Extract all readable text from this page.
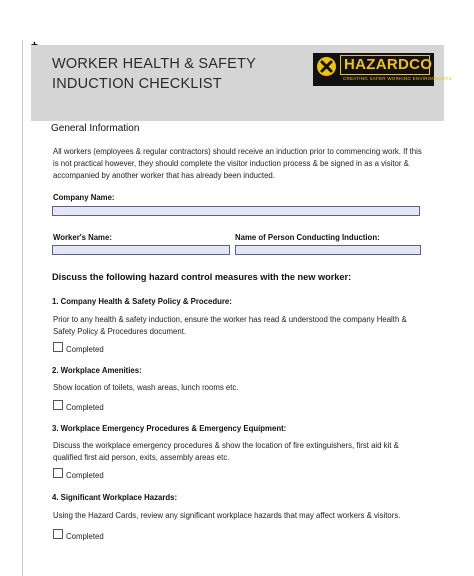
WORKER HEALTH & SAFETY
INDUCTION CHECKLIST
HAZARDCO
CREATING SAFER WORKING ENVIRONMENTS
General Information
All workers (employees & regular contractors) should receive an induction prior to commencing work. If this
is not practical however, they should complete the visitor induction process & be signed in as a visitor &
accompanied by another worker that has already been inducted.
Company Name:
Worker's Name:	Name of Person Conducting Induction:
Discuss the following hazard control measures with the new worker:
1. Company Health & Safety Policy & Procedure:
Prior to any health & safety induction, ensure the worker has read & understood the company Health &
Safety Policy & Procedures document.
Completed
2. Workplace Amenities:
Show location of toilets, wash areas, lunch rooms etc.
Completed
3. Workplace Emergency Procedures & Emergency Equipment:
Discuss the workplace emergency procedures & show the location of fire extinguishers, first aid kit &
qualified first aid person, exits, assembly areas etc.
Completed
4. Significant Workplace Hazards:
Using the Hazard Cards, review any significant workplace hazards that may affect workers & visitors.
Completed
